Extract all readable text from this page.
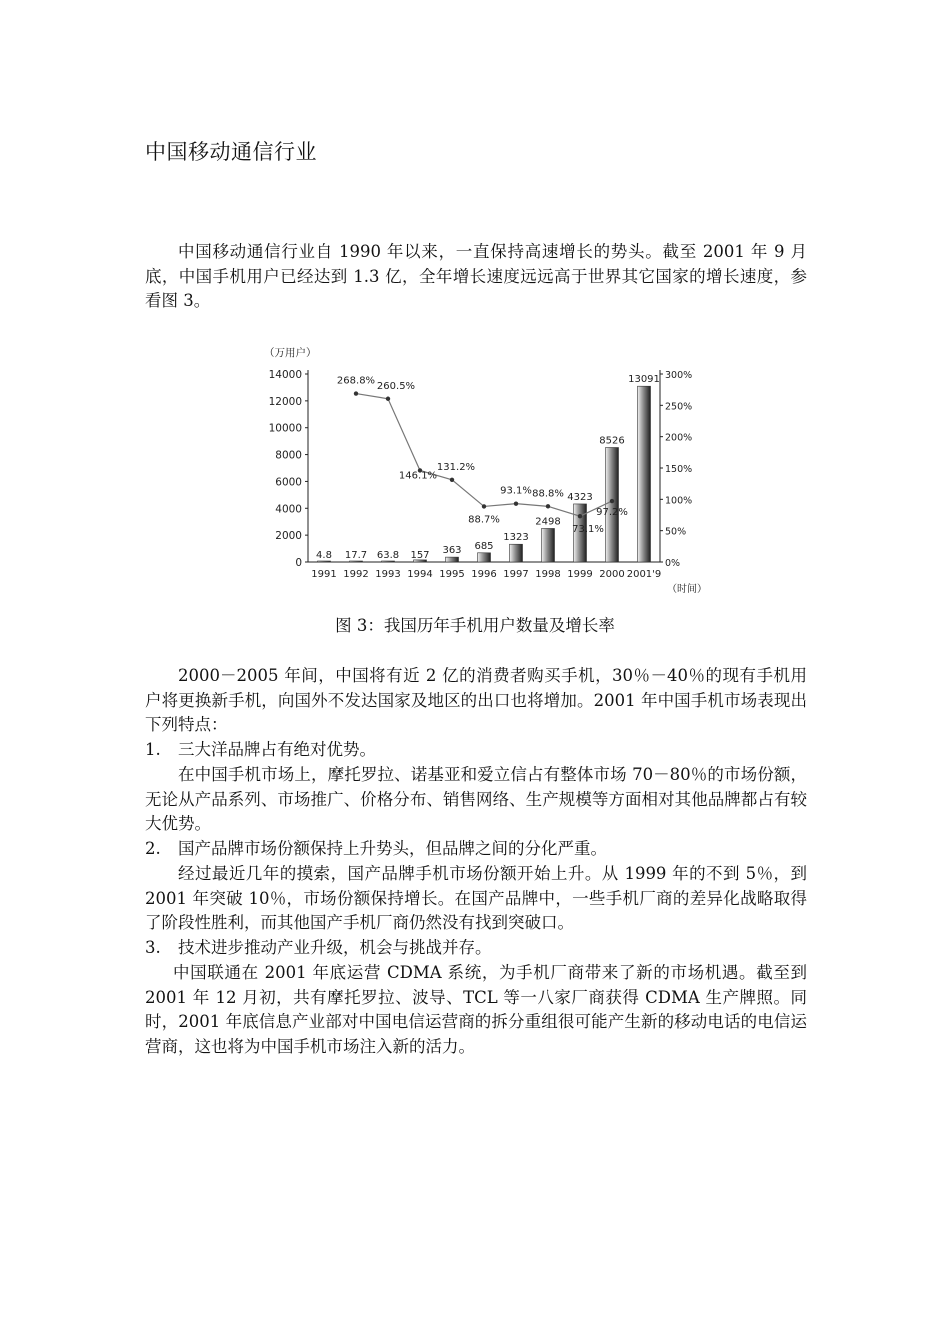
中国移动通信行业
中国移动通信行业自 1990 年以来，一直保持高速增长的势头。截至 2001 年 9 月底，中国手机用户已经达到 1.3 亿，全年增长速度远远高于世界其它国家的增长速度，参看图 3。
0
2000
4000
6000
8000
10000
12000
14000
0%
50%
100%
150%
200%
250%
300%
1991 1992 1993 1994 1995 1996 1997 1998 1999 2000 2001'9
（万用户）
（时间）
4.8 17.7 63.8 157 363 685
1323
2498
4323
8526
13091
268.8% 260.5%
146.1%
131.2%
88.7%
93.1% 88.8%
73.1%
97.2%
图 3：我国历年手机用户数量及增长率
2000－2005 年间，中国将有近 2 亿的消费者购买手机，30％－40％的现有手机用户将更换新手机，向国外不发达国家及地区的出口也将增加。2001 年中国手机市场表现出下列特点：
1. 三大洋品牌占有绝对优势。
在中国手机市场上，摩托罗拉、诺基亚和爱立信占有整体市场 70－80％的市场份额，无论从产品系列、市场推广、价格分布、销售网络、生产规模等方面相对其他品牌都占有较大优势。
2. 国产品牌市场份额保持上升势头，但品牌之间的分化严重。
经过最近几年的摸索，国产品牌手机市场份额开始上升。从 1999 年的不到 5％，到 2001 年突破 10％，市场份额保持增长。在国产品牌中，一些手机厂商的差异化战略取得了阶段性胜利，而其他国产手机厂商仍然没有找到突破口。
3. 技术进步推动产业升级，机会与挑战并存。
中国联通在 2001 年底运营 CDMA 系统，为手机厂商带来了新的市场机遇。截至到 2001 年 12 月初，共有摩托罗拉、波导、TCL 等一八家厂商获得 CDMA 生产牌照。同时，2001 年底信息产业部对中国电信运营商的拆分重组很可能产生新的移动电话的电信运营商，这也将为中国手机市场注入新的活力。
